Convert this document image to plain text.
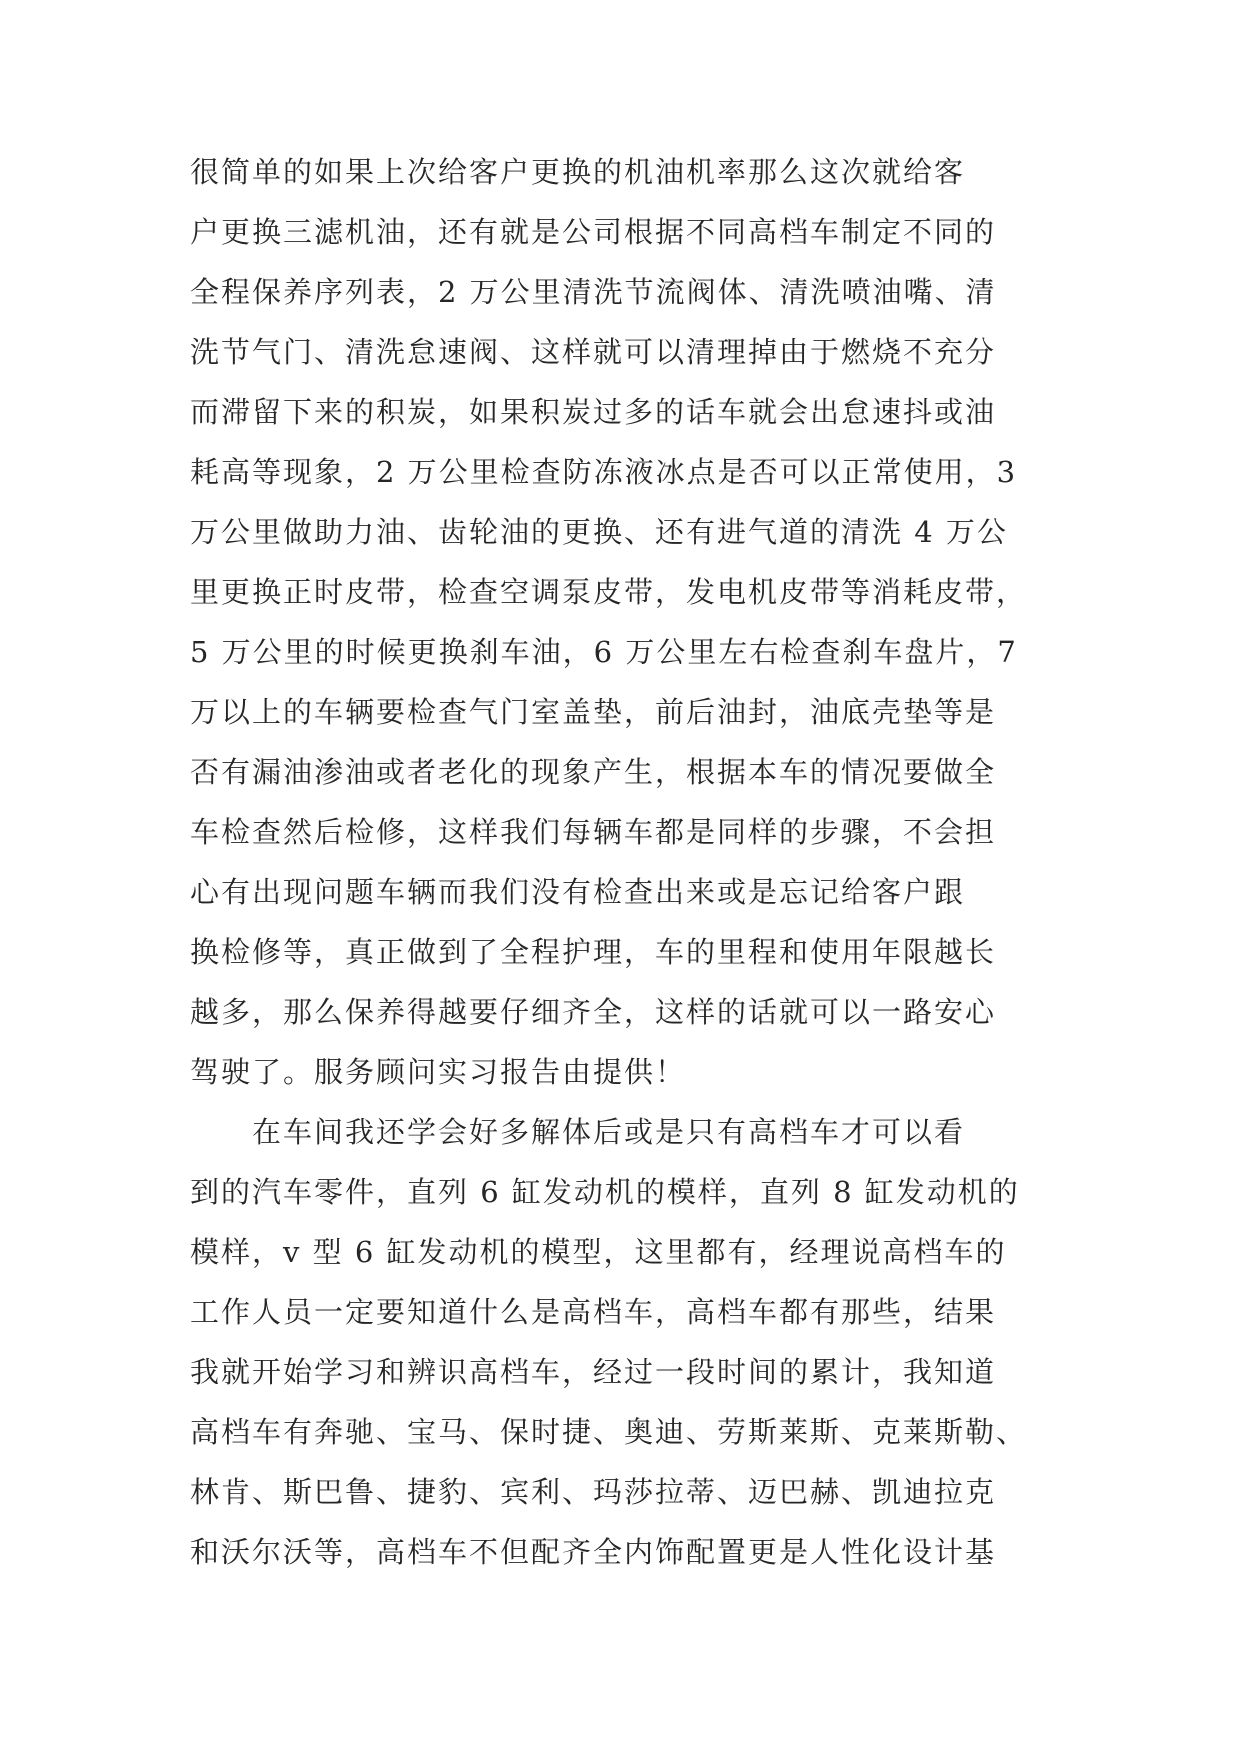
很简单的如果上次给客户更换的机油机率那么这次就给客
户更换三滤机油，还有就是公司根据不同高档车制定不同的
全程保养序列表，2 万公里清洗节流阀体、清洗喷油嘴、清
洗节气门、清洗怠速阀、这样就可以清理掉由于燃烧不充分
而滞留下来的积炭，如果积炭过多的话车就会出怠速抖或油
耗高等现象，2 万公里检查防冻液冰点是否可以正常使用，3
万公里做助力油、齿轮油的更换、还有进气道的清洗 4 万公
里更换正时皮带，检查空调泵皮带，发电机皮带等消耗皮带，
5 万公里的时候更换刹车油，6 万公里左右检查刹车盘片，7
万以上的车辆要检查气门室盖垫，前后油封，油底壳垫等是
否有漏油渗油或者老化的现象产生，根据本车的情况要做全
车检查然后检修，这样我们每辆车都是同样的步骤，不会担
心有出现问题车辆而我们没有检查出来或是忘记给客户跟
换检修等，真正做到了全程护理，车的里程和使用年限越长
越多，那么保养得越要仔细齐全，这样的话就可以一路安心
驾驶了。服务顾问实习报告由提供！
　　在车间我还学会好多解体后或是只有高档车才可以看
到的汽车零件，直列 6 缸发动机的模样，直列 8 缸发动机的
模样，v 型 6 缸发动机的模型，这里都有，经理说高档车的
工作人员一定要知道什么是高档车，高档车都有那些，结果
我就开始学习和辨识高档车，经过一段时间的累计，我知道
高档车有奔驰、宝马、保时捷、奥迪、劳斯莱斯、克莱斯勒、
林肯、斯巴鲁、捷豹、宾利、玛莎拉蒂、迈巴赫、凯迪拉克
和沃尔沃等，高档车不但配齐全内饰配置更是人性化设计基
